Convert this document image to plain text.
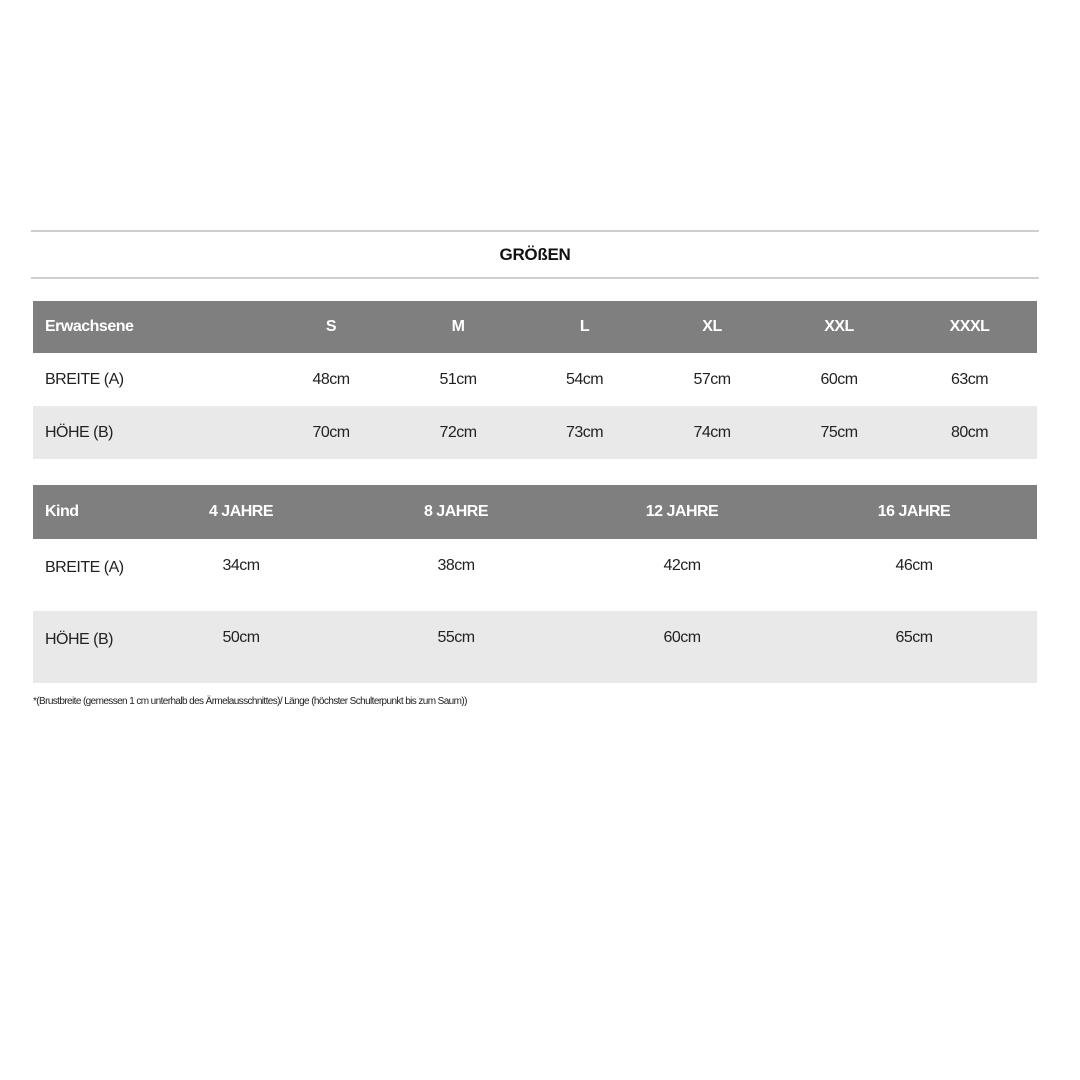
GRÖßEN
Erwachsene	S	M	L	XL	XXL	XXXL
BREITE (A)	48cm	51cm	54cm	57cm	60cm	63cm
HÖHE (B)	70cm	72cm	73cm	74cm	75cm	80cm
Kind	4 JAHRE	8 JAHRE	12 JAHRE	16 JAHRE
BREITE (A)	34cm	38cm	42cm	46cm
HÖHE (B)	50cm	55cm	60cm	65cm
*(Brustbreite (gemessen 1 cm unterhalb des Ärmelausschnittes)/ Länge (höchster Schulterpunkt bis zum Saum))
